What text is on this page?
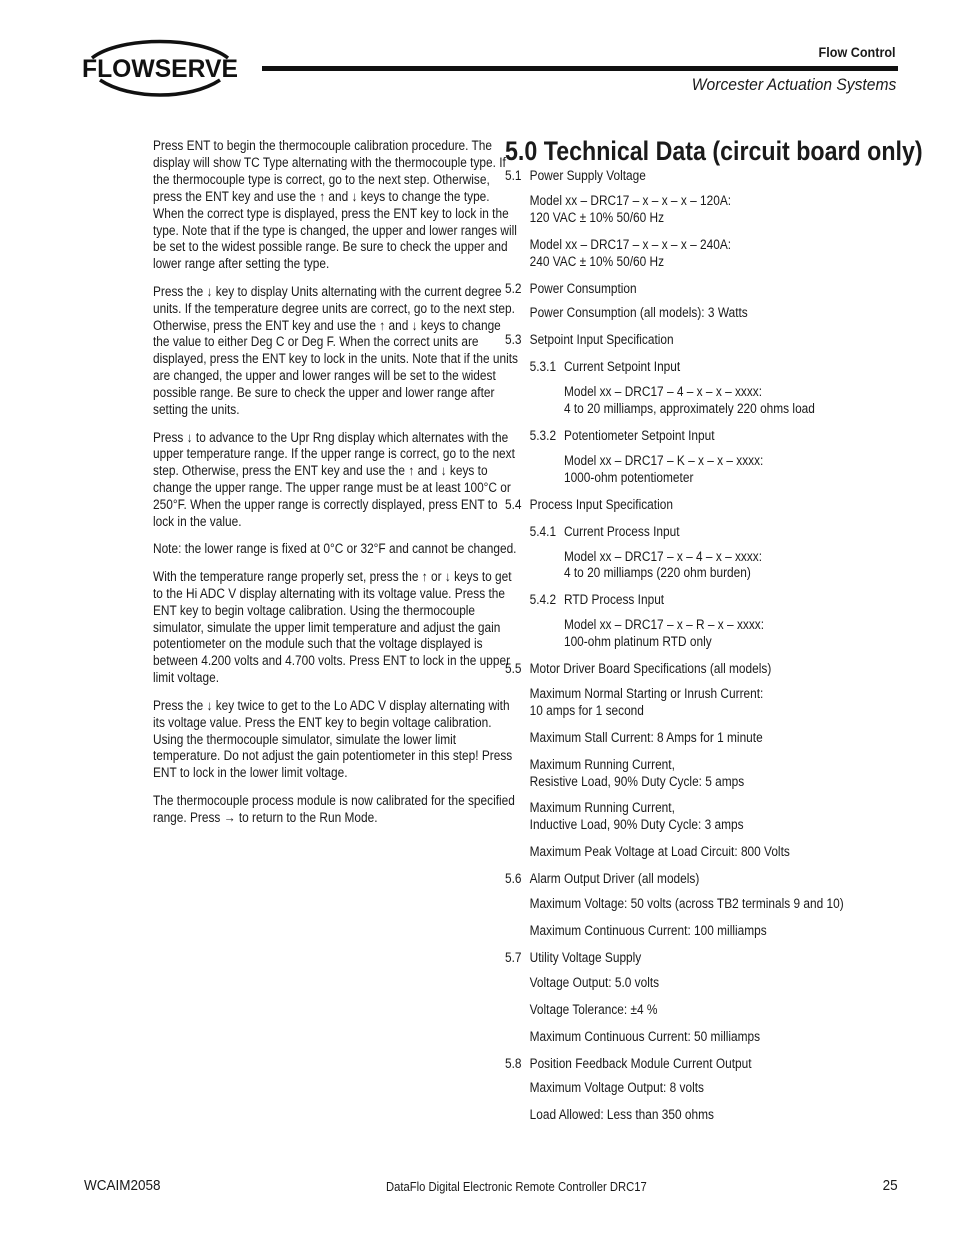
FLOWSERVE
Flow Control
Worcester Actuation Systems

Press ENT to begin the thermocouple calibration procedure. The display will show TC Type alternating with the thermocouple type. If the thermocouple type is correct, go to the next step. Otherwise, press the ENT key and use the ↑ and ↓ keys to change the type. When the correct type is displayed, press the ENT key to lock in the type. Note that if the type is changed, the upper and lower ranges will be set to the widest possible range. Be sure to check the upper and lower range after setting the type.

Press the ↓ key to display Units alternating with the current degree units. If the temperature degree units are correct, go to the next step. Otherwise, press the ENT key and use the ↑ and ↓ keys to change the value to either Deg C or Deg F. When the correct units are displayed, press the ENT key to lock in the units. Note that if the units are changed, the upper and lower ranges will be set to the widest possible range. Be sure to check the upper and lower range after setting the units.

Press ↓ to advance to the Upr Rng display which alternates with the upper temperature range. If the upper range is correct, go to the next step. Otherwise, press the ENT key and use the ↑ and ↓ keys to change the upper range. The upper range must be at least 100°C or 250°F. When the upper range is correctly displayed, press ENT to lock in the value.

Note: the lower range is fixed at 0°C or 32°F and cannot be changed.

With the temperature range properly set, press the ↑ or ↓ keys to get to the Hi ADC V display alternating with its voltage value. Press the ENT key to begin voltage calibration. Using the thermocouple simulator, simulate the upper limit temperature and adjust the gain potentiometer on the module such that the voltage displayed is between 4.200 volts and 4.700 volts. Press ENT to lock in the upper limit voltage.

Press the ↓ key twice to get to the Lo ADC V display alternating with its voltage value. Press the ENT key to begin voltage calibration. Using the thermocouple simulator, simulate the lower limit temperature. Do not adjust the gain potentiometer in this step! Press ENT to lock in the lower limit voltage.

The thermocouple process module is now calibrated for the specified range. Press → to return to the Run Mode.

5.0 Technical Data (circuit board only)
5.1 Power Supply Voltage
Model xx – DRC17 – x – x – x – 120A:
120 VAC ± 10% 50/60 Hz
Model xx – DRC17 – x – x – x – 240A:
240 VAC ± 10% 50/60 Hz
5.2 Power Consumption
Power Consumption (all models): 3 Watts
5.3 Setpoint Input Specification
5.3.1 Current Setpoint Input
Model xx – DRC17 – 4 – x – x – xxxx:
4 to 20 milliamps, approximately 220 ohms load
5.3.2 Potentiometer Setpoint Input
Model xx – DRC17 – K – x – x – xxxx:
1000-ohm potentiometer
5.4 Process Input Specification
5.4.1 Current Process Input
Model xx – DRC17 – x – 4 – x – xxxx:
4 to 20 milliamps (220 ohm burden)
5.4.2 RTD Process Input
Model xx – DRC17 – x – R – x – xxxx:
100-ohm platinum RTD only
5.5 Motor Driver Board Specifications (all models)
Maximum Normal Starting or Inrush Current:
10 amps for 1 second
Maximum Stall Current: 8 Amps for 1 minute
Maximum Running Current,
Resistive Load, 90% Duty Cycle: 5 amps
Maximum Running Current,
Inductive Load, 90% Duty Cycle: 3 amps
Maximum Peak Voltage at Load Circuit: 800 Volts
5.6 Alarm Output Driver (all models)
Maximum Voltage: 50 volts (across TB2 terminals 9 and 10)
Maximum Continuous Current: 100 milliamps
5.7 Utility Voltage Supply
Voltage Output: 5.0 volts
Voltage Tolerance: ±4 %
Maximum Continuous Current: 50 milliamps
5.8 Position Feedback Module Current Output
Maximum Voltage Output: 8 volts
Load Allowed: Less than 350 ohms
WCAIM2058	DataFlo Digital Electronic Remote Controller DRC17	25
